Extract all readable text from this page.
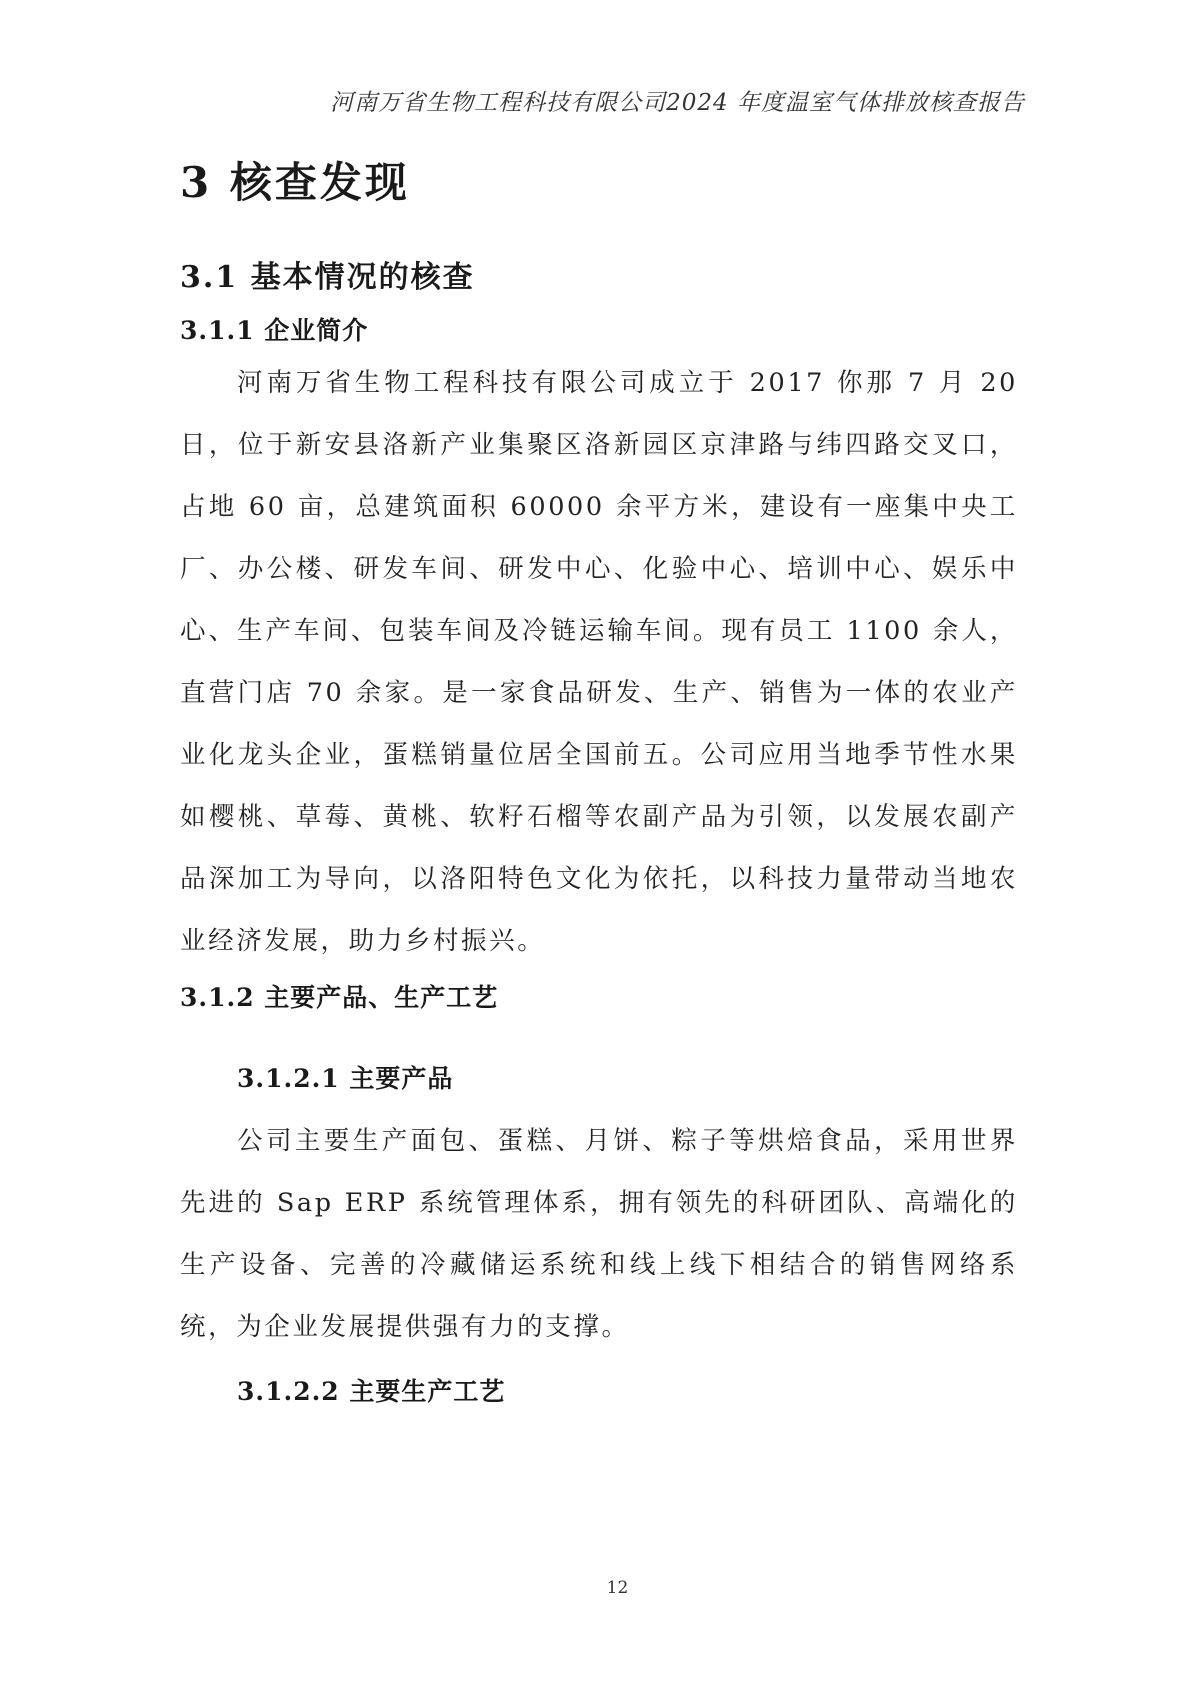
河南万省生物工程科技有限公司2024 年度温室气体排放核查报告
3 核查发现
3.1 基本情况的核查
3.1.1 企业简介

河南万省生物工程科技有限公司成立于 2017 你那 7 月 20 日，位于新安县洛新产业集聚区洛新园区京津路与纬四路交叉口，占地 60 亩，总建筑面积 60000 余平方米，建设有一座集中央工厂、办公楼、研发车间、研发中心、化验中心、培训中心、娱乐中心、生产车间、包装车间及冷链运输车间。现有员工 1100 余人，直营门店 70 余家。是一家食品研发、生产、销售为一体的农业产业化龙头企业，蛋糕销量位居全国前五。公司应用当地季节性水果如樱桃、草莓、黄桃、软籽石榴等农副产品为引领，以发展农副产品深加工为导向，以洛阳特色文化为依托，以科技力量带动当地农业经济发展，助力乡村振兴。

3.1.2 主要产品、生产工艺
3.1.2.1 主要产品

公司主要生产面包、蛋糕、月饼、粽子等烘焙食品，采用世界先进的 Sap ERP 系统管理体系，拥有领先的科研团队、高端化的生产设备、完善的冷藏储运系统和线上线下相结合的销售网络系统，为企业发展提供强有力的支撑。

3.1.2.2 主要生产工艺
12
